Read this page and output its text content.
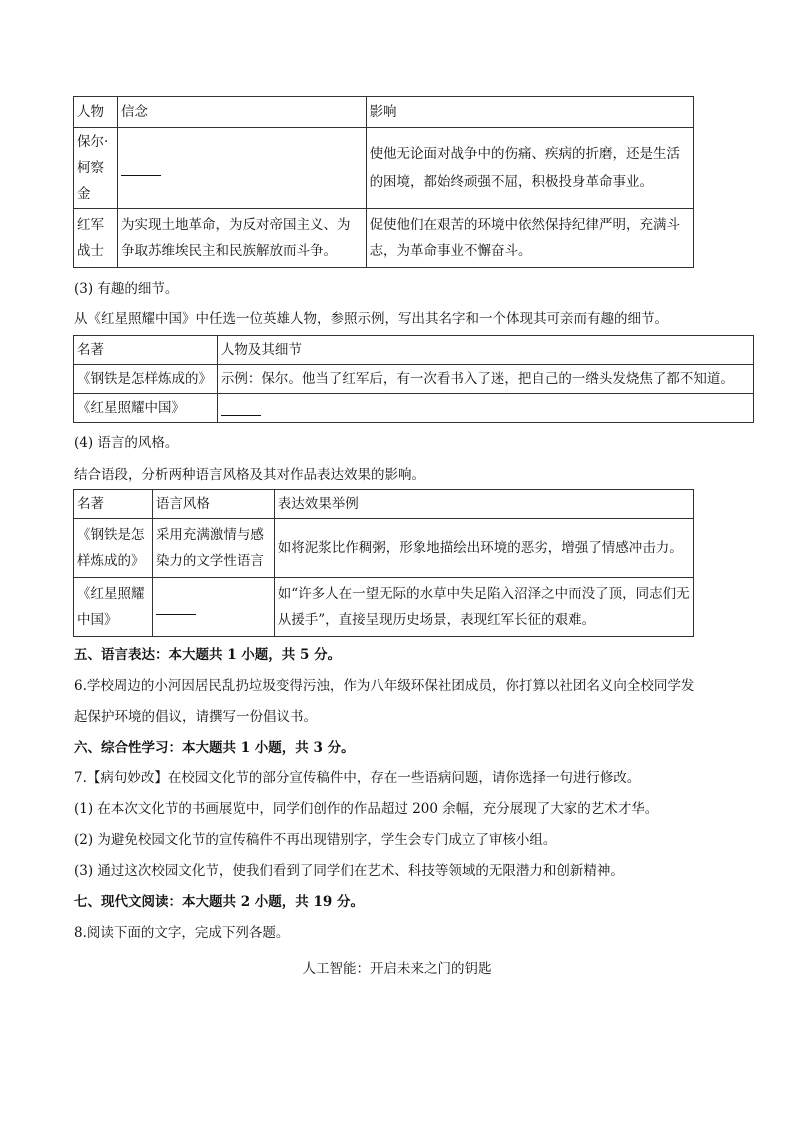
人物	信念	影响
保尔·柯察金		使他无论面对战争中的伤痛、疾病的折磨，还是生活的困境，都始终顽强不屈，积极投身革命事业。
红军战士	为实现土地革命，为反对帝国主义、为争取苏维埃民主和民族解放而斗争。	促使他们在艰苦的环境中依然保持纪律严明，充满斗志，为革命事业不懈奋斗。
(3) 有趣的细节。
从《红星照耀中国》中任选一位英雄人物，参照示例，写出其名字和一个体现其可亲而有趣的细节。
名著	人物及其细节
《钢铁是怎样炼成的》	示例：保尔。他当了红军后，有一次看书入了迷，把自己的一绺头发烧焦了都不知道。
《红星照耀中国》	
(4) 语言的风格。
结合语段，分析两种语言风格及其对作品表达效果的影响。
名著	语言风格	表达效果举例
《钢铁是怎样炼成的》	采用充满激情与感染力的文学性语言	如将泥浆比作稠粥，形象地描绘出环境的恶劣，增强了情感冲击力。
《红星照耀中国》		如“许多人在一望无际的水草中失足陷入沼泽之中而没了顶，同志们无从援手”，直接呈现历史场景，表现红军长征的艰难。
五、语言表达：本大题共 1 小题，共 5 分。
6.学校周边的小河因居民乱扔垃圾变得污浊，作为八年级环保社团成员，你打算以社团名义向全校同学发
起保护环境的倡议，请撰写一份倡议书。
六、综合性学习：本大题共 1 小题，共 3 分。
7.【病句妙改】在校园文化节的部分宣传稿件中，存在一些语病问题，请你选择一句进行修改。
(1) 在本次文化节的书画展览中，同学们创作的作品超过 200 余幅，充分展现了大家的艺术才华。
(2) 为避免校园文化节的宣传稿件不再出现错别字，学生会专门成立了审核小组。
(3) 通过这次校园文化节，使我们看到了同学们在艺术、科技等领域的无限潜力和创新精神。
七、现代文阅读：本大题共 2 小题，共 19 分。
8.阅读下面的文字，完成下列各题。
人工智能：开启未来之门的钥匙
